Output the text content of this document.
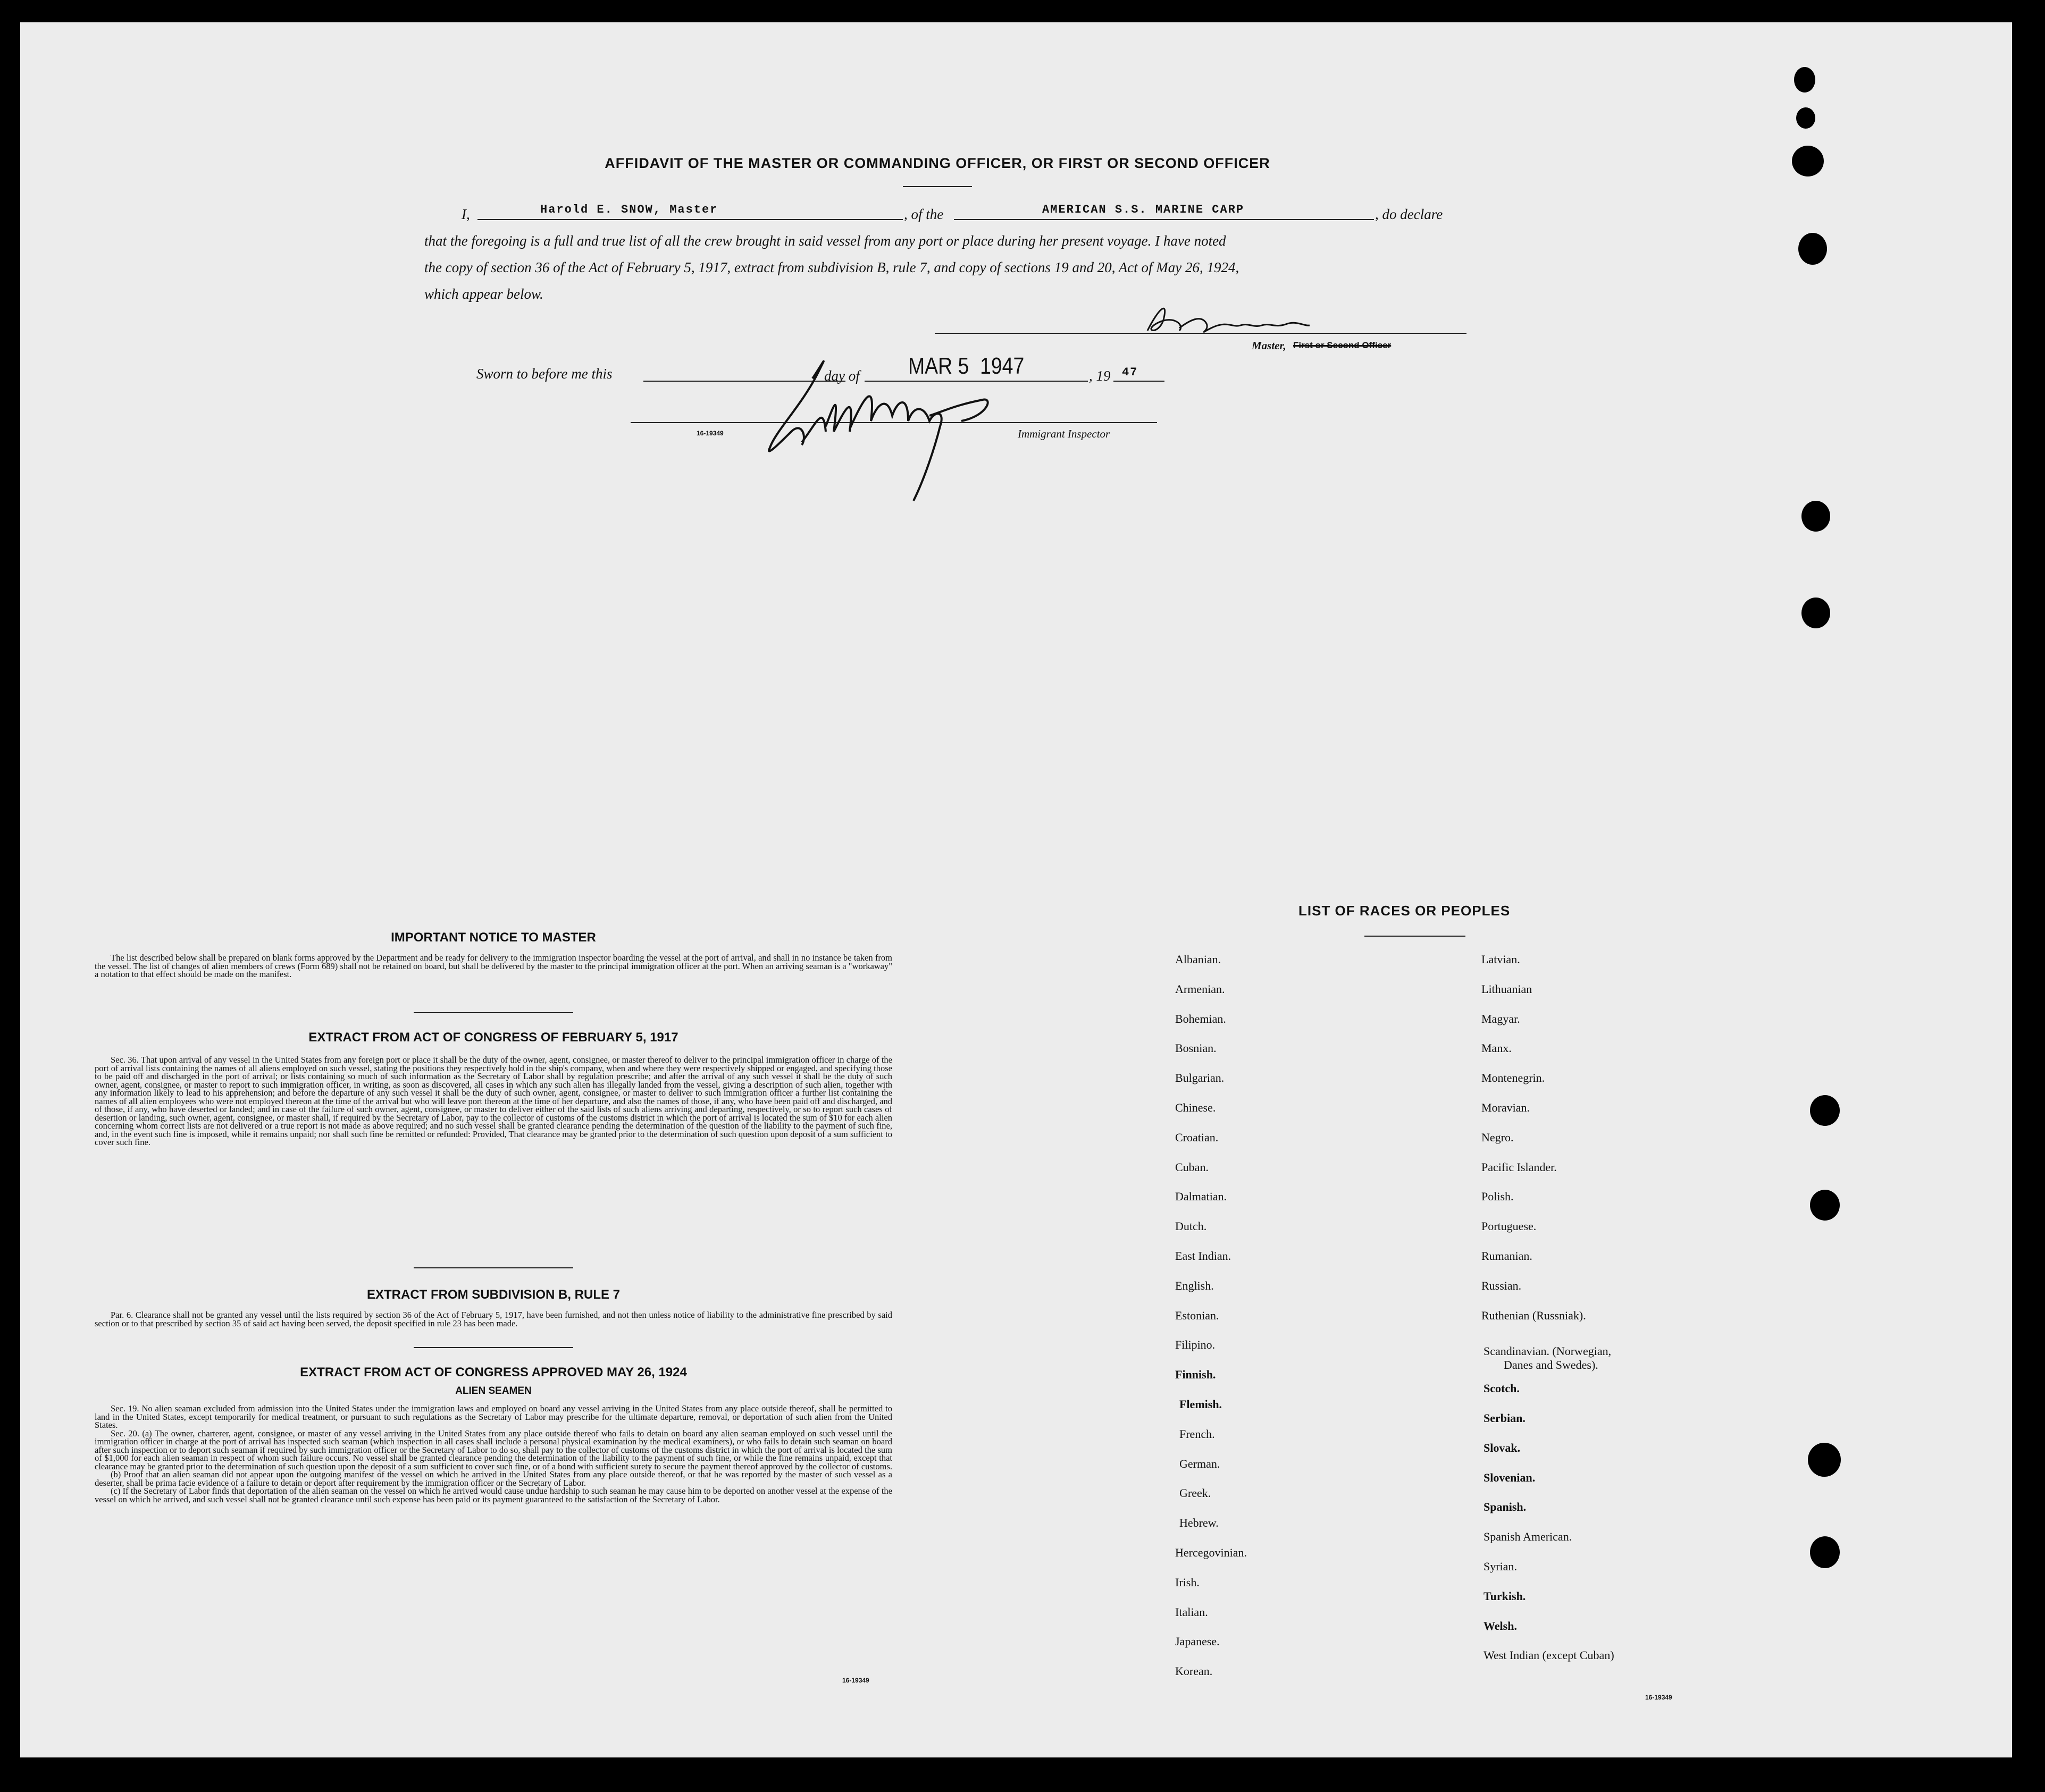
AFFIDAVIT OF THE MASTER OR COMMANDING OFFICER, OR FIRST OR SECOND OFFICER
I,	Harold E. SNOW, Master	, of the	AMERICAN S.S. MARINE CARP	, do declare
that the foregoing is a full and true list of all the crew brought in said vessel from any port or place during her present voyage. I have noted
the copy of section 36 of the Act of February 5, 1917, extract from subdivision B, rule 7, and copy of sections 19 and 20, Act of May 26, 1924,
which appear below.
Master, First or Second Officer
Sworn to before me this	day of MAR 5  1947	, 19 47
16-19349	Immigrant Inspector
IMPORTANT NOTICE TO MASTER

The list described below shall be prepared on blank forms approved by the Department and be ready for delivery to the immigration inspector boarding the vessel at the port of arrival, and shall in no instance be taken from the vessel. The list of changes of alien members of crews (Form 689) shall not be retained on board, but shall be delivered by the master to the principal immigration officer at the port. When an arriving seaman is a "workaway" a notation to that effect should be made on the manifest.

EXTRACT FROM ACT OF CONGRESS OF FEBRUARY 5, 1917

Sec. 36. That upon arrival of any vessel in the United States from any foreign port or place it shall be the duty of the owner, agent, consignee, or master thereof to deliver to the principal immigration officer in charge of the port of arrival lists containing the names of all aliens employed on such vessel, stating the positions they respectively hold in the ship's company, when and where they were respectively shipped or engaged, and specifying those to be paid off and discharged in the port of arrival; or lists containing so much of such information as the Secretary of Labor shall by regulation prescribe; and after the arrival of any such vessel it shall be the duty of such owner, agent, consignee, or master to report to such immigration officer, in writing, as soon as discovered, all cases in which any such alien has illegally landed from the vessel, giving a description of such alien, together with any information likely to lead to his apprehension; and before the departure of any such vessel it shall be the duty of such owner, agent, consignee, or master to deliver to such immigration officer a further list containing the names of all alien employees who were not employed thereon at the time of the arrival but who will leave port thereon at the time of her departure, and also the names of those, if any, who have been paid off and discharged, and of those, if any, who have deserted or landed; and in case of the failure of such owner, agent, consignee, or master to deliver either of the said lists of such aliens arriving and departing, respectively, or so to report such cases of desertion or landing, such owner, agent, consignee, or master shall, if required by the Secretary of Labor, pay to the collector of customs of the customs district in which the port of arrival is located the sum of $10 for each alien concerning whom correct lists are not delivered or a true report is not made as above required; and no such vessel shall be granted clearance pending the determination of the question of the liability to the payment of such fine, and, in the event such fine is imposed, while it remains unpaid; nor shall such fine be remitted or refunded: Provided, That clearance may be granted prior to the determination of such question upon deposit of a sum sufficient to cover such fine.

EXTRACT FROM SUBDIVISION B, RULE 7

Par. 6. Clearance shall not be granted any vessel until the lists required by section 36 of the Act of February 5, 1917, have been furnished, and not then unless notice of liability to the administrative fine prescribed by said section or to that prescribed by section 35 of said act having been served, the deposit specified in rule 23 has been made.

EXTRACT FROM ACT OF CONGRESS APPROVED MAY 26, 1924
ALIEN SEAMEN

Sec. 19. No alien seaman excluded from admission into the United States under the immigration laws and employed on board any vessel arriving in the United States from any place outside thereof, shall be permitted to land in the United States, except temporarily for medical treatment, or pursuant to such regulations as the Secretary of Labor may prescribe for the ultimate departure, removal, or deportation of such alien from the United States.

Sec. 20. (a) The owner, charterer, agent, consignee, or master of any vessel arriving in the United States from any place outside thereof who fails to detain on board any alien seaman employed on such vessel until the immigration officer in charge at the port of arrival has inspected such seaman (which inspection in all cases shall include a personal physical examination by the medical examiners), or who fails to detain such seaman on board after such inspection or to deport such seaman if required by such immigration officer or the Secretary of Labor to do so, shall pay to the collector of customs of the customs district in which the port of arrival is located the sum of $1,000 for each alien seaman in respect of whom such failure occurs. No vessel shall be granted clearance pending the determination of the liability to the payment of such fine, or while the fine remains unpaid, except that clearance may be granted prior to the determination of such question upon the deposit of a sum sufficient to cover such fine, or of a bond with sufficient surety to secure the payment thereof approved by the collector of customs.

(b) Proof that an alien seaman did not appear upon the outgoing manifest of the vessel on which he arrived in the United States from any place outside thereof, or that he was reported by the master of such vessel as a deserter, shall be prima facie evidence of a failure to detain or deport after requirement by the immigration officer or the Secretary of Labor.

(c) If the Secretary of Labor finds that deportation of the alien seaman on the vessel on which he arrived would cause undue hardship to such seaman he may cause him to be deported on another vessel at the expense of the vessel on which he arrived, and such vessel shall not be granted clearance until such expense has been paid or its payment guaranteed to the satisfaction of the Secretary of Labor.

16-19349
LIST OF RACES OR PEOPLES
16-19349
Albanian.
Armenian.
Bohemian.
Bosnian.
Bulgarian.
Chinese.
Croatian.
Cuban.
Dalmatian.
Dutch.
East Indian.
English.
Estonian.
Filipino.
Finnish.
Flemish.
French.
German.
Greek.
Hebrew.
Hercegovinian.
Irish.
Italian.
Japanese.
Korean.
Latvian.
Lithuanian
Magyar.
Manx.
Montenegrin.
Moravian.
Negro.
Pacific Islander.
Polish.
Portuguese.
Rumanian.
Russian.
Ruthenian (Russniak).
Scandinavian. (Norwegian,
Danes and Swedes).
Scotch.
Serbian.
Slovak.
Slovenian.
Spanish.
Spanish American.
Syrian.
Turkish.
Welsh.
West Indian (except Cuban)
